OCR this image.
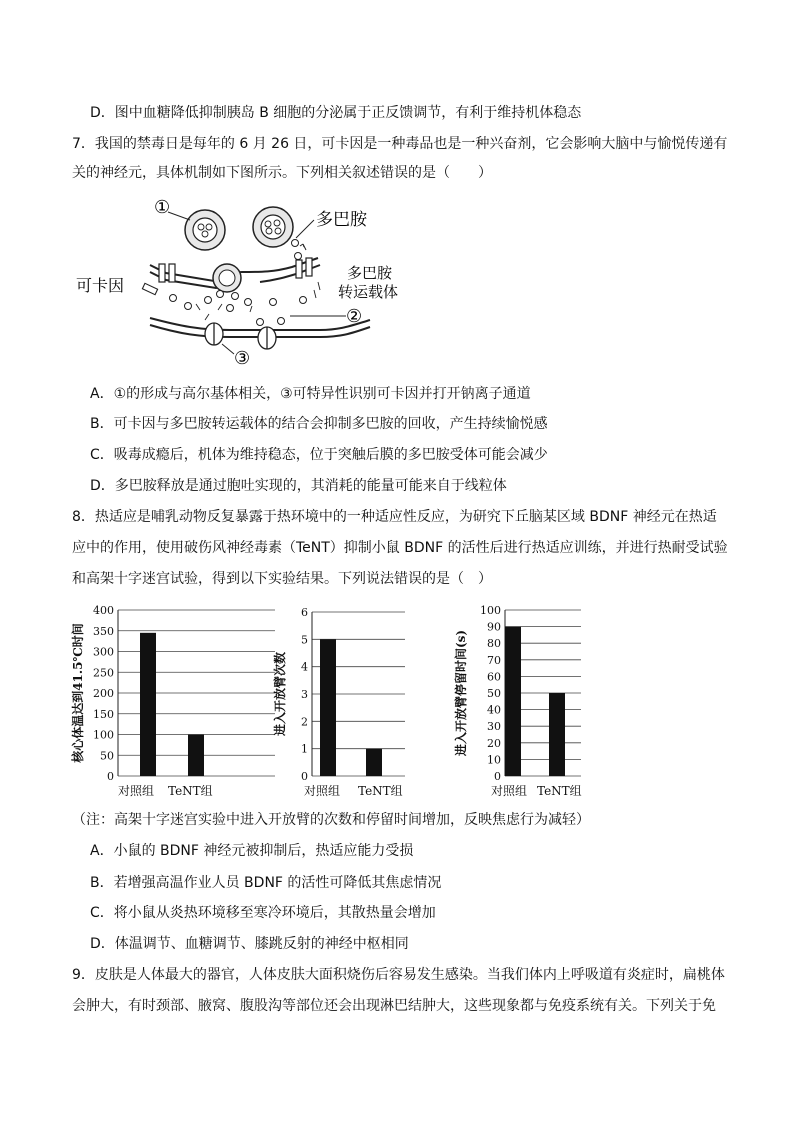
D．图中血糖降低抑制胰岛 B 细胞的分泌属于正反馈调节，有利于维持机体稳态
7．我国的禁毒日是每年的 6 月 26 日，可卡因是一种毒品也是一种兴奋剂，它会影响大脑中与愉悦传递有
关的神经元，具体机制如下图所示。下列相关叙述错误的是（　　）
①
多巴胺
可卡因
多巴胺
转运载体
②
③
A．①的形成与高尔基体相关，③可特异性识别可卡因并打开钠离子通道
B．可卡因与多巴胺转运载体的结合会抑制多巴胺的回收，产生持续愉悦感
C．吸毒成瘾后，机体为维持稳态，位于突触后膜的多巴胺受体可能会减少
D．多巴胺释放是通过胞吐实现的，其消耗的能量可能来自于线粒体
8．热适应是哺乳动物反复暴露于热环境中的一种适应性反应，为研究下丘脑某区域 BDNF 神经元在热适
应中的作用，使用破伤风神经毒素（TeNT）抑制小鼠 BDNF 的活性后进行热适应训练，并进行热耐受试验
和高架十字迷宫试验，得到以下实验结果。下列说法错误的是（　）
0
50
100
150
200
250
300
350
400
对照组 TeNT组
核心体温达到41.5℃时间
0
1
2
3
4
5
6
对照组 TeNT组
进入开放臂次数
0
10
20
30
40
50
60
70
80
90
100
对照组 TeNT组
进入开放臂停留时间(s)
（注：高架十字迷宫实验中进入开放臂的次数和停留时间增加，反映焦虑行为减轻）
A．小鼠的 BDNF 神经元被抑制后，热适应能力受损
B．若增强高温作业人员 BDNF 的活性可降低其焦虑情况
C．将小鼠从炎热环境移至寒冷环境后，其散热量会增加
D．体温调节、血糖调节、膝跳反射的神经中枢相同
9．皮肤是人体最大的器官，人体皮肤大面积烧伤后容易发生感染。当我们体内上呼吸道有炎症时，扁桃体
会肿大，有时颈部、腋窝、腹股沟等部位还会出现淋巴结肿大，这些现象都与免疫系统有关。下列关于免
